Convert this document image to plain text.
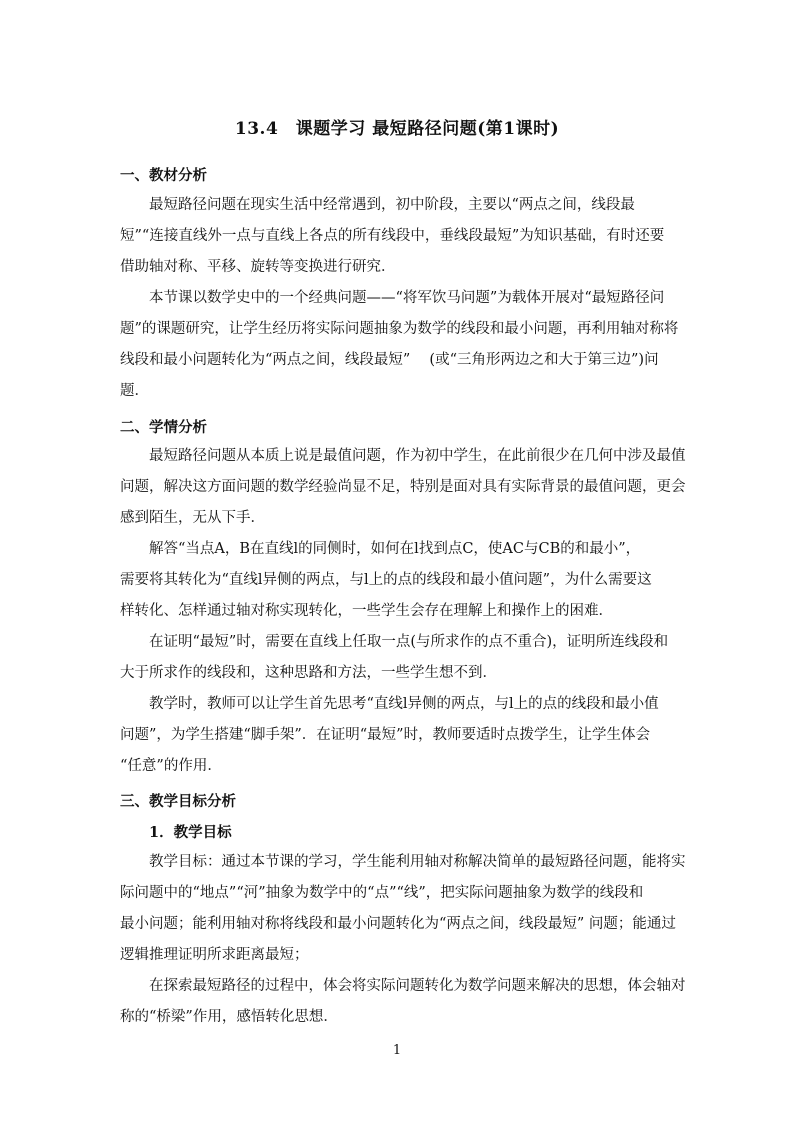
13.4　课题学习 最短路径问题(第1课时)
一、教材分析
最短路径问题在现实生活中经常遇到，初中阶段，主要以“两点之间，线段最
短”“连接直线外一点与直线上各点的所有线段中，垂线段最短”为知识基础，有时还要
借助轴对称、平移、旋转等变换进行研究．
本节课以数学史中的一个经典问题——“将军饮马问题”为载体开展对“最短路径问
题”的课题研究，让学生经历将实际问题抽象为数学的线段和最小问题，再利用轴对称将
线段和最小问题转化为“两点之间，线段最短”　 (或“三角形两边之和大于第三边”)问
题．
二、学情分析
最短路径问题从本质上说是最值问题，作为初中学生，在此前很少在几何中涉及最值
问题，解决这方面问题的数学经验尚显不足，特别是面对具有实际背景的最值问题，更会
感到陌生，无从下手．
解答“当点A，B在直线l的同侧时，如何在l找到点C，使AC与CB的和最小”，
需要将其转化为“直线l异侧的两点，与l上的点的线段和最小值问题”，为什么需要这
样转化、怎样通过轴对称实现转化，一些学生会存在理解上和操作上的困难．
在证明“最短”时，需要在直线上任取一点(与所求作的点不重合)，证明所连线段和
大于所求作的线段和，这种思路和方法，一些学生想不到．
教学时，教师可以让学生首先思考“直线l异侧的两点，与l上的点的线段和最小值
问题”，为学生搭建“脚手架”．在证明“最短”时，教师要适时点拨学生，让学生体会
“任意”的作用．
三、教学目标分析
1．教学目标
教学目标：通过本节课的学习，学生能利用轴对称解决简单的最短路径问题，能将实
际问题中的“地点”“河”抽象为数学中的“点”“线”，把实际问题抽象为数学的线段和
最小问题；能利用轴对称将线段和最小问题转化为“两点之间，线段最短” 问题；能通过
逻辑推理证明所求距离最短；
在探索最短路径的过程中，体会将实际问题转化为数学问题来解决的思想，体会轴对
称的“桥梁”作用，感悟转化思想．
1
